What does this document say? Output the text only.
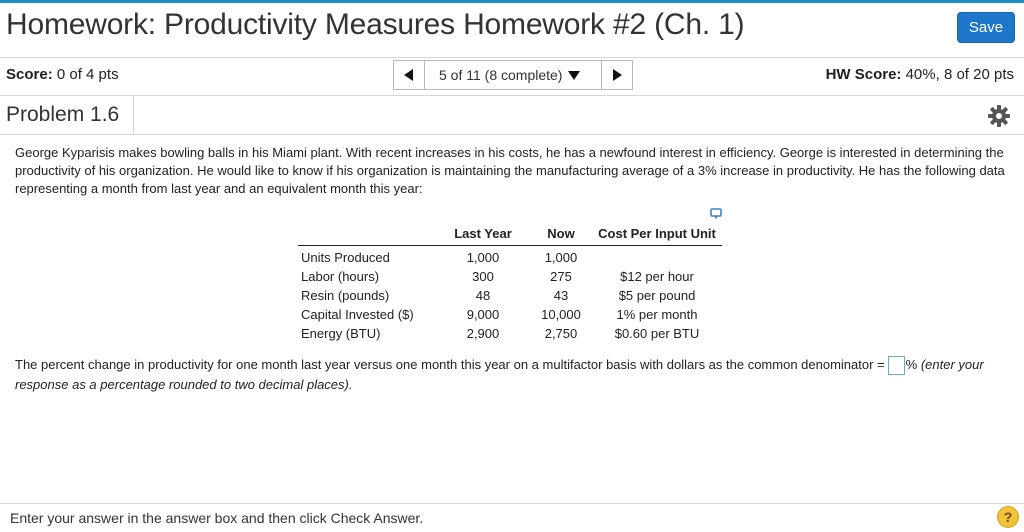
Homework: Productivity Measures Homework #2 (Ch. 1)	Save
Score: 0 of 4 pts	5 of 11 (8 complete)	HW Score: 40%, 8 of 20 pts
Problem 1.6
George Kyparisis makes bowling balls in his Miami plant. With recent increases in his costs, he has a newfound interest in efficiency. George is interested in determining the productivity of his organization. He would like to know if his organization is maintaining the manufacturing average of a 3% increase in productivity. He has the following data representing a month from last year and an equivalent month this year:
	Last Year	Now	Cost Per Input Unit
Units Produced	1,000	1,000	
Labor (hours)	300	275	$12 per hour
Resin (pounds)	48	43	$5 per pound
Capital Invested ($)	9,000	10,000	1% per month
Energy (BTU)	2,900	2,750	$0.60 per BTU
The percent change in productivity for one month last year versus one month this year on a multifactor basis with dollars as the common denominator = % (enter your response as a percentage rounded to two decimal places).
Enter your answer in the answer box and then click Check Answer.	?
